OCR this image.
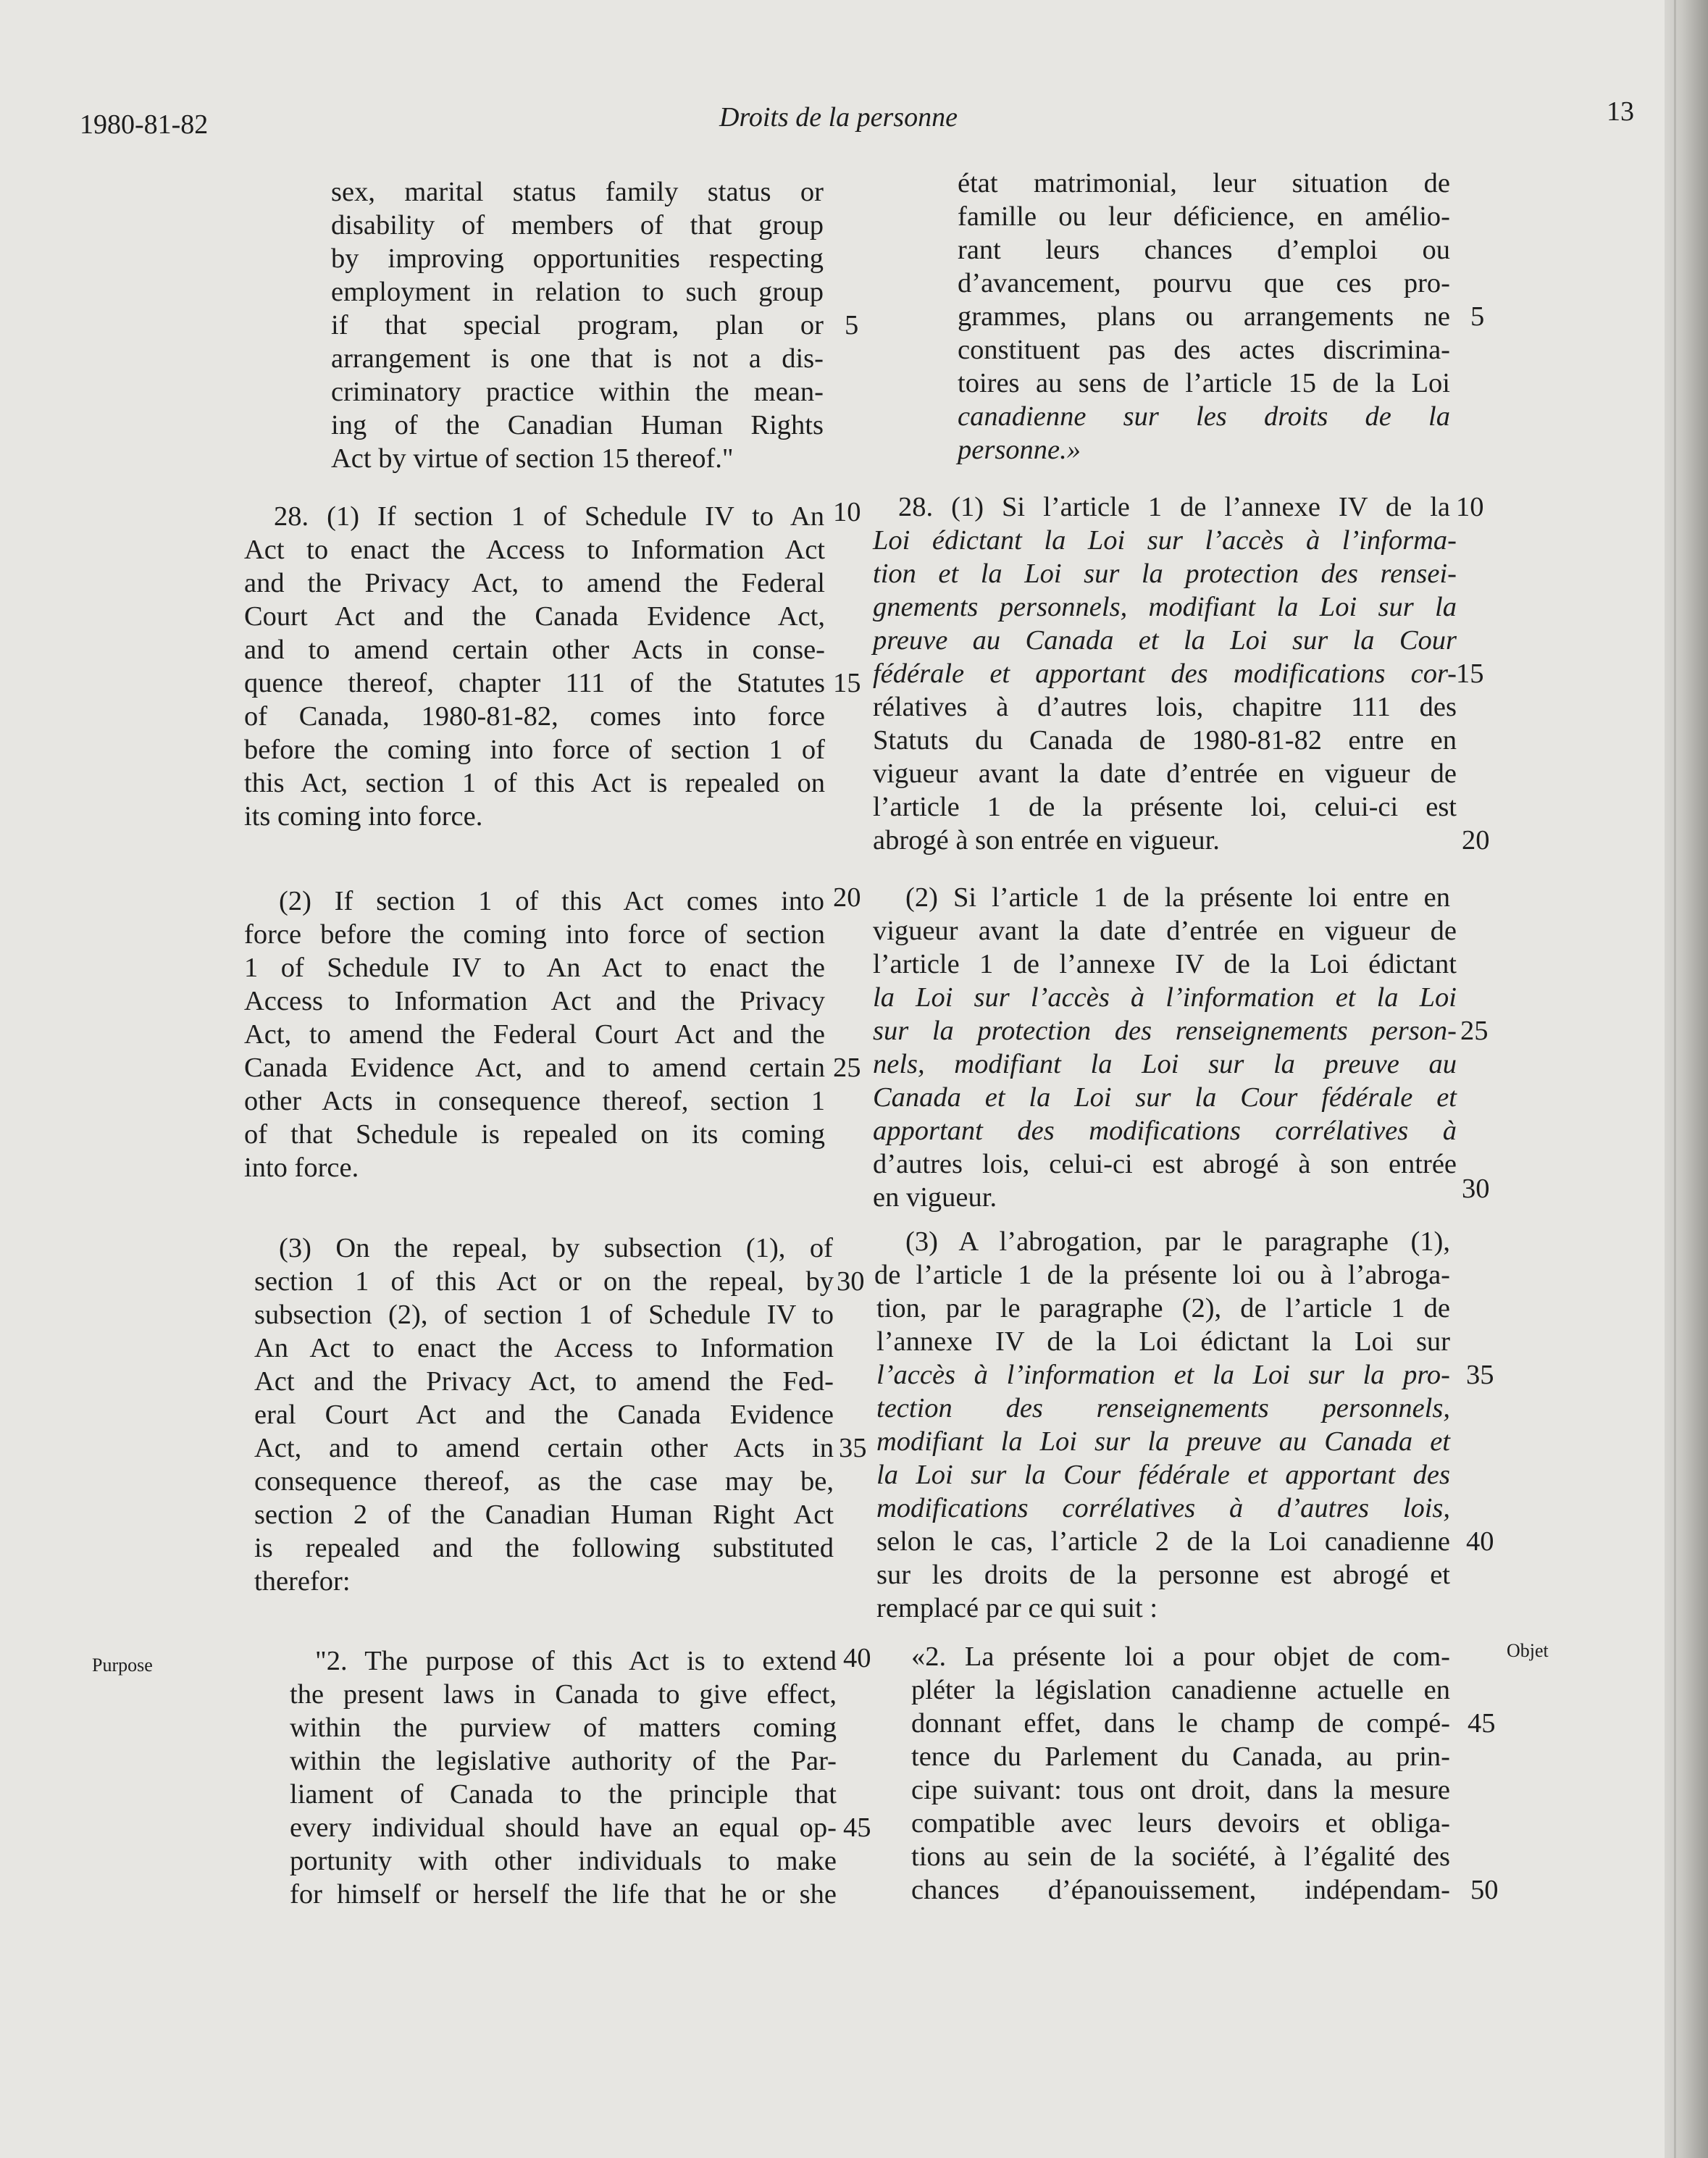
1980-81-82	Droits de la personne	13
Purpose
Objet
sex, marital status family status or
disability of members of that group
by improving opportunities respecting
employment in relation to such group
if that special program, plan or
arrangement is one that is not a dis-
criminatory practice within the mean-
ing of the Canadian Human Rights
Act by virtue of section 15 thereof."
28. (1) If section 1 of Schedule IV to An
Act to enact the Access to Information Act
and the Privacy Act, to amend the Federal
Court Act and the Canada Evidence Act,
and to amend certain other Acts in conse-
quence thereof, chapter 111 of the Statutes
of Canada, 1980-81-82, comes into force
before the coming into force of section 1 of
this Act, section 1 of this Act is repealed on
its coming into force.
(2) If section 1 of this Act comes into
force before the coming into force of section
1 of Schedule IV to An Act to enact the
Access to Information Act and the Privacy
Act, to amend the Federal Court Act and the
Canada Evidence Act, and to amend certain
other Acts in consequence thereof, section 1
of that Schedule is repealed on its coming
into force.
(3) On the repeal, by subsection (1), of
section 1 of this Act or on the repeal, by
subsection (2), of section 1 of Schedule IV to
An Act to enact the Access to Information
Act and the Privacy Act, to amend the Fed-
eral Court Act and the Canada Evidence
Act, and to amend certain other Acts in
consequence thereof, as the case may be,
section 2 of the Canadian Human Right Act
is repealed and the following substituted
therefor:
"2. The purpose of this Act is to extend
the present laws in Canada to give effect,
within the purview of matters coming
within the legislative authority of the Par-
liament of Canada to the principle that
every individual should have an equal op-
portunity with other individuals to make
for himself or herself the life that he or she
5
10
15
20
25
30
35
40
45
état matrimonial, leur situation de
famille ou leur déficience, en amélio-
rant leurs chances d’emploi ou
d’avancement, pourvu que ces pro-
grammes, plans ou arrangements ne
constituent pas des actes discrimina-
toires au sens de l’article 15 de la Loi
canadienne sur les droits de la
personne.»
28. (1) Si l’article 1 de l’annexe IV de la
Loi édictant la Loi sur l’accès à l’informa-
tion et la Loi sur la protection des rensei-
gnements personnels, modifiant la Loi sur la
preuve au Canada et la Loi sur la Cour
fédérale et apportant des modifications cor-
rélatives à d’autres lois, chapitre 111 des
Statuts du Canada de 1980-81-82 entre en
vigueur avant la date d’entrée en vigueur de
l’article 1 de la présente loi, celui-ci est
abrogé à son entrée en vigueur.
(2) Si l’article 1 de la présente loi entre en
vigueur avant la date d’entrée en vigueur de
l’article 1 de l’annexe IV de la Loi édictant
la Loi sur l’accès à l’information et la Loi
sur la protection des renseignements person-
nels, modifiant la Loi sur la preuve au
Canada et la Loi sur la Cour fédérale et
apportant des modifications corrélatives à
d’autres lois, celui-ci est abrogé à son entrée
en vigueur.
(3) A l’abrogation, par le paragraphe (1),
de l’article 1 de la présente loi ou à l’abroga-
tion, par le paragraphe (2), de l’article 1 de
l’annexe IV de la Loi édictant la Loi sur
l’accès à l’information et la Loi sur la pro-
tection des renseignements personnels,
modifiant la Loi sur la preuve au Canada et
la Loi sur la Cour fédérale et apportant des
modifications corrélatives à d’autres lois,
selon le cas, l’article 2 de la Loi canadienne
sur les droits de la personne est abrogé et
remplacé par ce qui suit :
«2. La présente loi a pour objet de com-
pléter la législation canadienne actuelle en
donnant effet, dans le champ de compé-
tence du Parlement du Canada, au prin-
cipe suivant: tous ont droit, dans la mesure
compatible avec leurs devoirs et obliga-
tions au sein de la société, à l’égalité des
chances d’épanouissement, indépendam-
5
10
15
20
25
30
35
40
45
50
